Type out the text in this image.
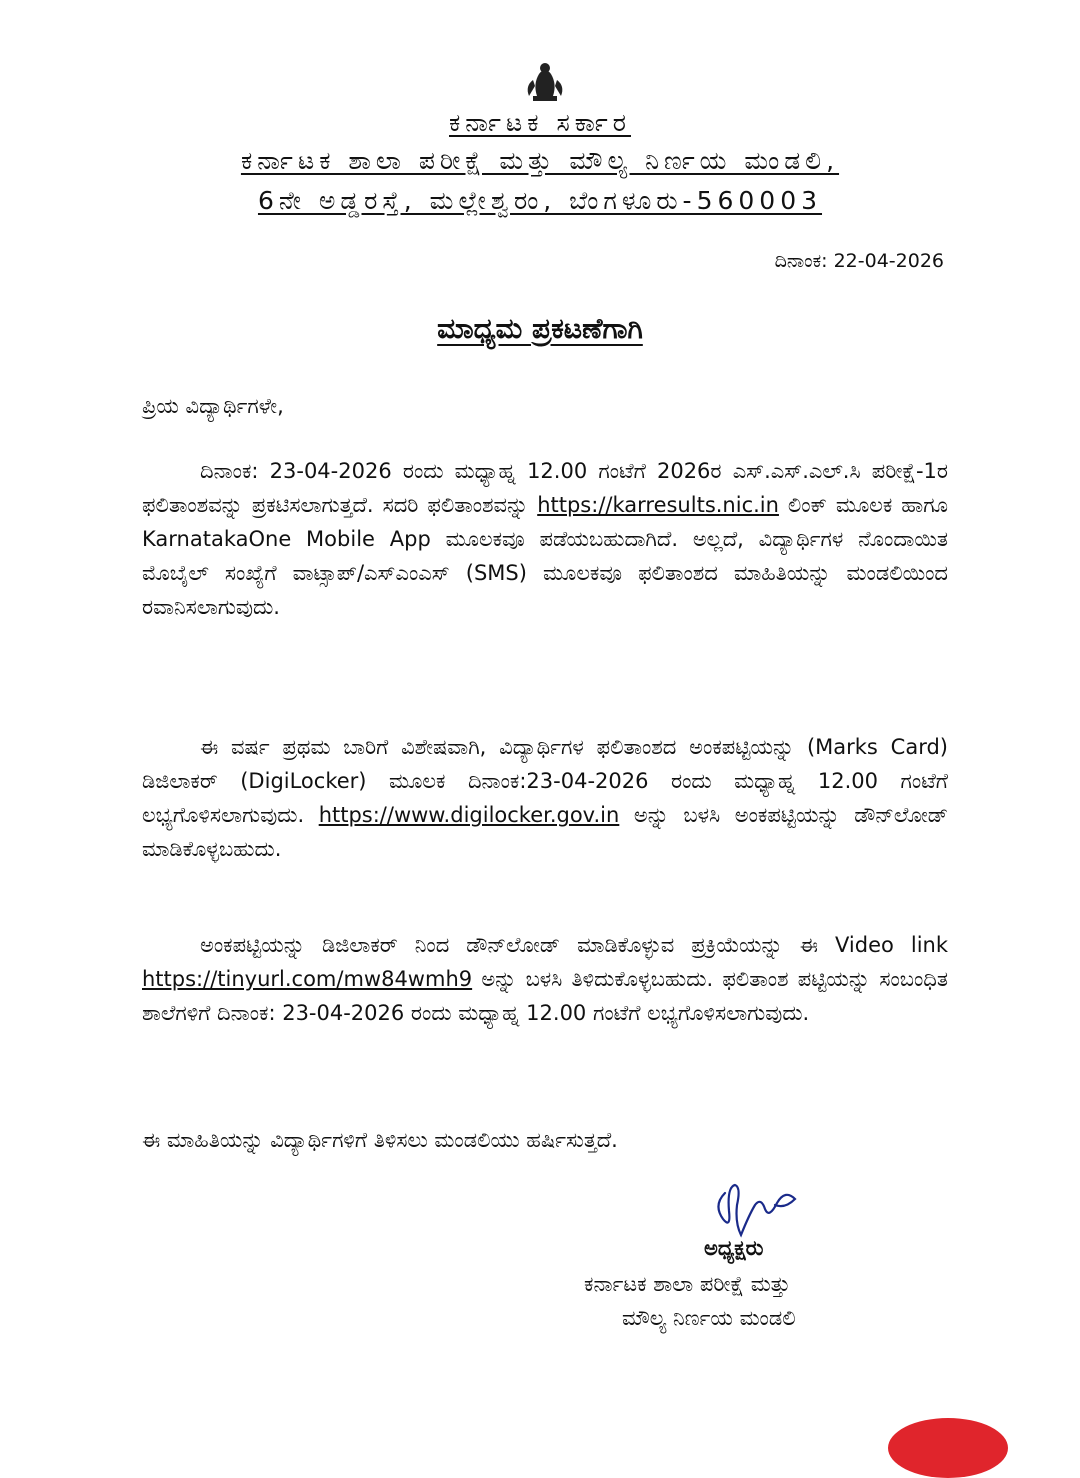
ಕರ್ನಾಟಕ ಸರ್ಕಾರ
ಕರ್ನಾಟಕ ಶಾಲಾ ಪರೀಕ್ಷೆ ಮತ್ತು ಮೌಲ್ಯ ನಿರ್ಣಯ ಮಂಡಲಿ,
6ನೇ ಅಡ್ಡರಸ್ತೆ, ಮಲ್ಲೇಶ್ವರಂ, ಬೆಂಗಳೂರು-560003
ದಿನಾಂಕ: 22-04-2026
ಮಾಧ್ಯಮ ಪ್ರಕಟಣೆಗಾಗಿ
ಪ್ರಿಯ ವಿದ್ಯಾರ್ಥಿಗಳೇ,

ದಿನಾಂಕ: 23-04-2026 ರಂದು ಮಧ್ಯಾಹ್ನ 12.00 ಗಂಟೆಗೆ 2026ರ ಎಸ್.ಎಸ್.ಎಲ್.ಸಿ ಪರೀಕ್ಷೆ-1ರ ಫಲಿತಾಂಶವನ್ನು ಪ್ರಕಟಿಸಲಾಗುತ್ತದೆ. ಸದರಿ ಫಲಿತಾಂಶವನ್ನು https://karresults.nic.in ಲಿಂಕ್ ಮೂಲಕ ಹಾಗೂ KarnatakaOne Mobile App ಮೂಲಕವೂ ಪಡೆಯಬಹುದಾಗಿದೆ. ಅಲ್ಲದೆ, ವಿದ್ಯಾರ್ಥಿಗಳ ನೊಂದಾಯಿತ ಮೊಬೈಲ್ ಸಂಖ್ಯೆಗೆ ವಾಟ್ಸಾಪ್/ಎಸ್‌ಎಂಎಸ್ (SMS) ಮೂಲಕವೂ ಫಲಿತಾಂಶದ ಮಾಹಿತಿಯನ್ನು ಮಂಡಲಿಯಿಂದ ರವಾನಿಸಲಾಗುವುದು.

ಈ ವರ್ಷ ಪ್ರಥಮ ಬಾರಿಗೆ ವಿಶೇಷವಾಗಿ, ವಿದ್ಯಾರ್ಥಿಗಳ ಫಲಿತಾಂಶದ ಅಂಕಪಟ್ಟಿಯನ್ನು (Marks Card) ಡಿಜಿಲಾಕರ್ (DigiLocker) ಮೂಲಕ ದಿನಾಂಕ:23-04-2026 ರಂದು ಮಧ್ಯಾಹ್ನ 12.00 ಗಂಟೆಗೆ ಲಭ್ಯಗೊಳಿಸಲಾಗುವುದು. https://www.digilocker.gov.in ಅನ್ನು ಬಳಸಿ ಅಂಕಪಟ್ಟಿಯನ್ನು ಡೌನ್‌ಲೋಡ್ ಮಾಡಿಕೊಳ್ಳಬಹುದು.

ಅಂಕಪಟ್ಟಿಯನ್ನು ಡಿಜಿಲಾಕರ್ ನಿಂದ ಡೌನ್‌ಲೋಡ್ ಮಾಡಿಕೊಳ್ಳುವ ಪ್ರಕ್ರಿಯೆಯನ್ನು ಈ Video link https://tinyurl.com/mw84wmh9 ಅನ್ನು ಬಳಸಿ ತಿಳಿದುಕೊಳ್ಳಬಹುದು. ಫಲಿತಾಂಶ ಪಟ್ಟಿಯನ್ನು ಸಂಬಂಧಿತ ಶಾಲೆಗಳಿಗೆ ದಿನಾಂಕ: 23-04-2026 ರಂದು ಮಧ್ಯಾಹ್ನ 12.00 ಗಂಟೆಗೆ ಲಭ್ಯಗೊಳಿಸಲಾಗುವುದು.

ಈ ಮಾಹಿತಿಯನ್ನು ವಿದ್ಯಾರ್ಥಿಗಳಿಗೆ ತಿಳಿಸಲು ಮಂಡಲಿಯು ಹರ್ಷಿಸುತ್ತದೆ.
ಅಧ್ಯಕ್ಷರು
ಕರ್ನಾಟಕ ಶಾಲಾ ಪರೀಕ್ಷೆ ಮತ್ತು
ಮೌಲ್ಯ ನಿರ್ಣಯ ಮಂಡಲಿ
